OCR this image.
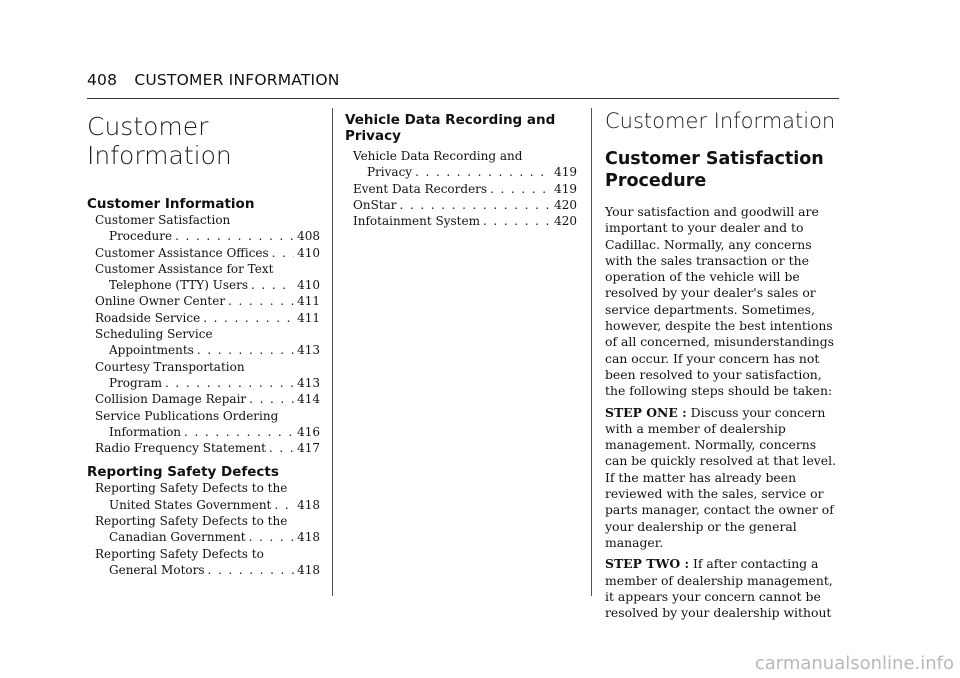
408 CUSTOMER INFORMATION
Customer
Information
Customer Information
Customer Satisfaction
Procedure . . .	408
Customer Assistance Offices . . . 410
Customer Assistance for Text
Telephone (TTY) Users . . .	410
Online Owner Center . . .	411
Roadside Service . . .	411
Scheduling Service
Appointments . . .	413
Courtesy Transportation
Program . . .	413
Collision Damage Repair . . .	414
Service Publications Ordering
Information . . .	416
Radio Frequency Statement . . .	417
Reporting Safety Defects
Reporting Safety Defects to the
United States Government . . . 418
Reporting Safety Defects to the
Canadian Government . . .	418
Reporting Safety Defects to
General Motors . . .	418
Vehicle Data Recording and Privacy
Vehicle Data Recording and
Privacy . . .	419
Event Data Recorders . . .	419
OnStar . . .	420
Infotainment System . . .	420
Customer Information
Customer Satisfaction Procedure

Your satisfaction and goodwill are important to your dealer and to Cadillac. Normally, any concerns with the sales transaction or the operation of the vehicle will be resolved by your dealer's sales or service departments. Sometimes, however, despite the best intentions of all concerned, misunderstandings can occur. If your concern has not been resolved to your satisfaction, the following steps should be taken:

STEP ONE : Discuss your concern with a member of dealership management. Normally, concerns can be quickly resolved at that level. If the matter has already been reviewed with the sales, service or parts manager, contact the owner of your dealership or the general manager.

STEP TWO : If after contacting a member of dealership management, it appears your concern cannot be resolved by your dealership without

carmanualsonline.info
